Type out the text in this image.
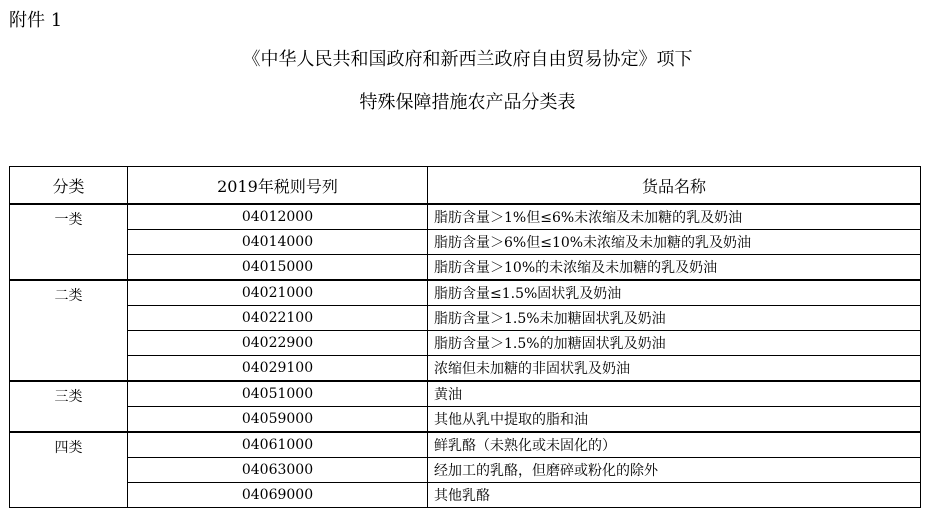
附件 1
《中华人民共和国政府和新西兰政府自由贸易协定》项下
特殊保障措施农产品分类表
分类	2019年税则号列	货品名称
一类	04012000	脂肪含量＞1%但≤6%未浓缩及未加糖的乳及奶油
	04014000	脂肪含量＞6%但≤10%未浓缩及未加糖的乳及奶油
	04015000	脂肪含量＞10%的未浓缩及未加糖的乳及奶油
二类	04021000	脂肪含量≤1.5%固状乳及奶油
	04022100	脂肪含量＞1.5%未加糖固状乳及奶油
	04022900	脂肪含量＞1.5%的加糖固状乳及奶油
	04029100	浓缩但未加糖的非固状乳及奶油
三类	04051000	黄油
	04059000	其他从乳中提取的脂和油
四类	04061000	鲜乳酪（未熟化或未固化的）
	04063000	经加工的乳酪，但磨碎或粉化的除外
	04069000	其他乳酪
